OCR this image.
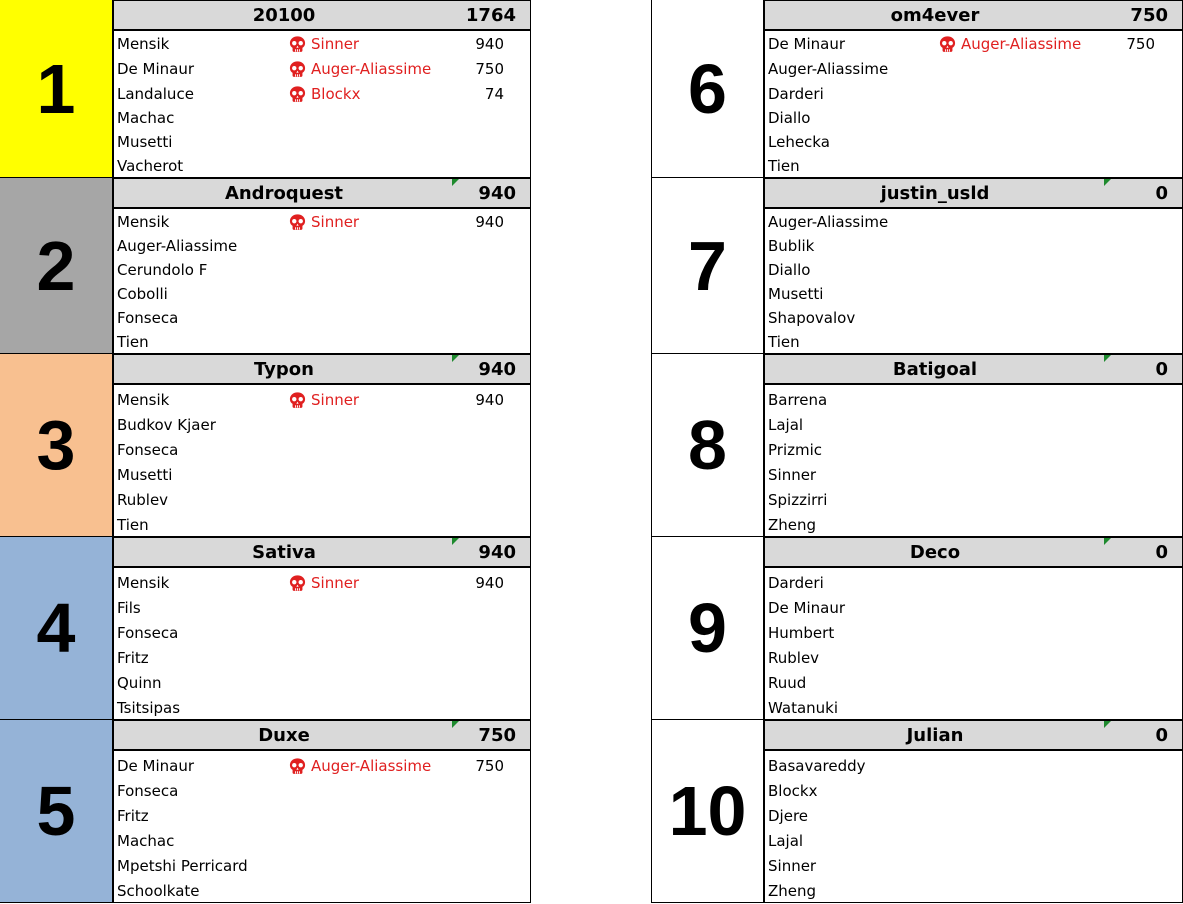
1
20100	1764
Mensik	Sinner	940
De Minaur	Auger-Aliassime	750
Landaluce	Blockx	74
Machac
Musetti
Vacherot
2
Androquest	940
Mensik	Sinner	940
Auger-Aliassime
Cerundolo F
Cobolli
Fonseca
Tien
3
Typon	940
Mensik	Sinner	940
Budkov Kjaer
Fonseca
Musetti
Rublev
Tien
4
Sativa	940
Mensik	Sinner	940
Fils
Fonseca
Fritz
Quinn
Tsitsipas
5
Duxe	750
De Minaur	Auger-Aliassime	750
Fonseca
Fritz
Machac
Mpetshi Perricard
Schoolkate
6
om4ever	750
De Minaur	Auger-Aliassime	750
Auger-Aliassime
Darderi
Diallo
Lehecka
Tien
7
justin_usld	0
Auger-Aliassime
Bublik
Diallo
Musetti
Shapovalov
Tien
8
Batigoal	0
Barrena
Lajal
Prizmic
Sinner
Spizzirri
Zheng
9
Deco	0
Darderi
De Minaur
Humbert
Rublev
Ruud
Watanuki
10
Julian	0
Basavareddy
Blockx
Djere
Lajal
Sinner
Zheng
